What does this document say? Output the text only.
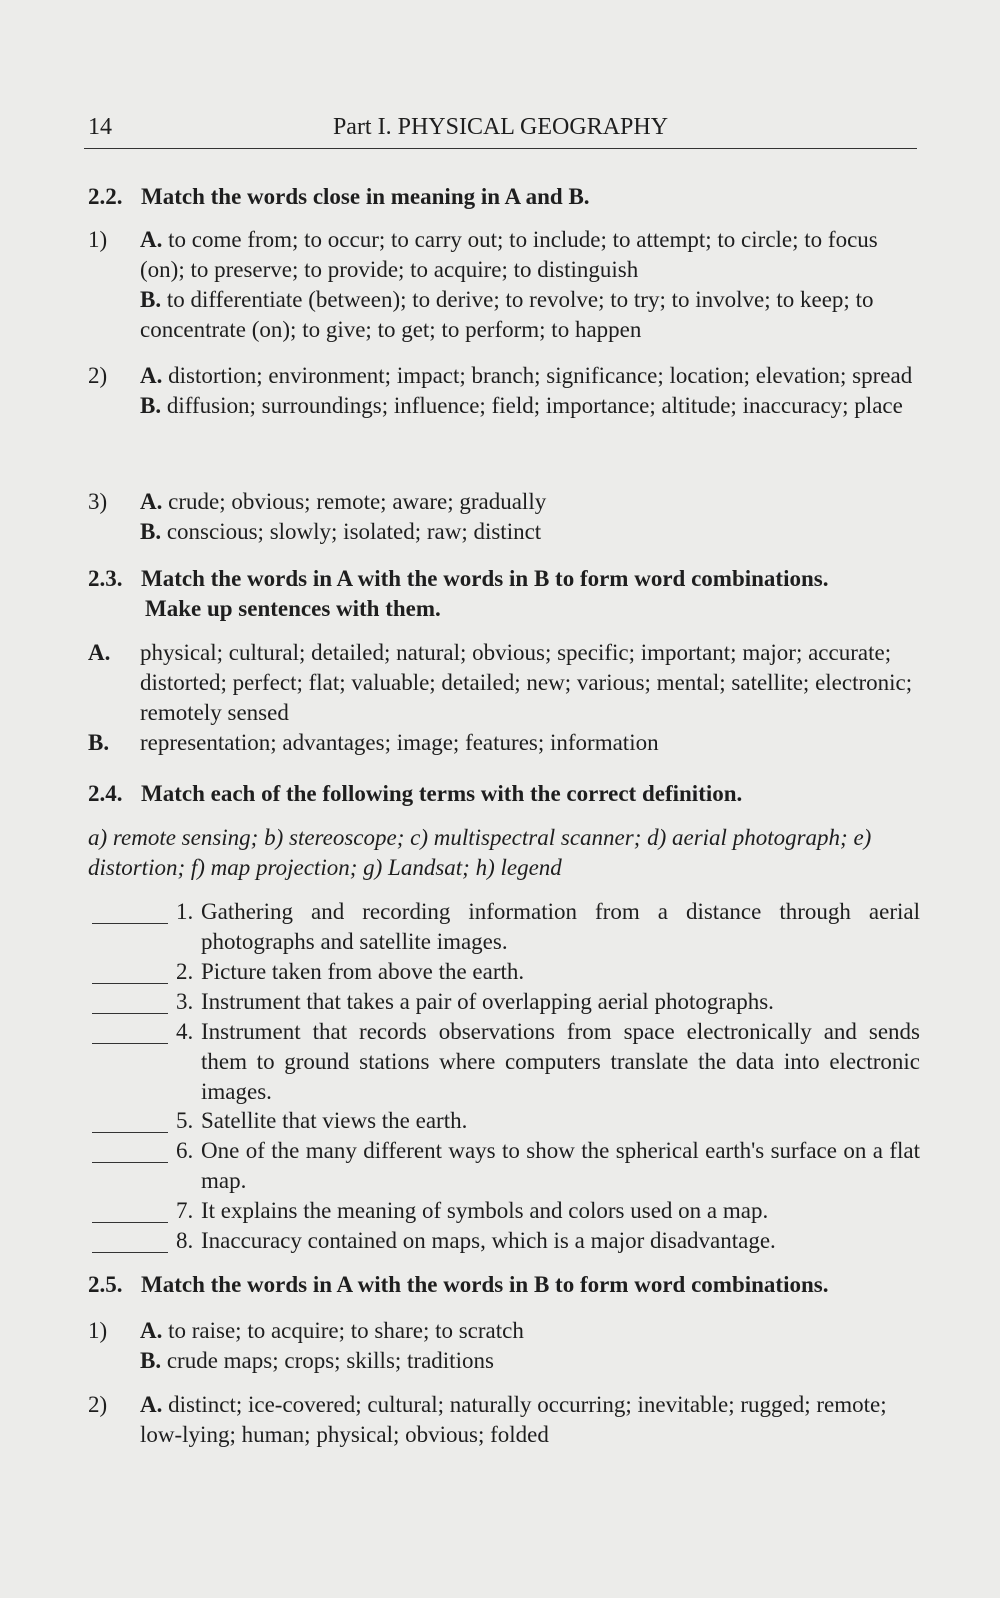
14	Part I. PHYSICAL GEOGRAPHY
2.2. Match the words close in meaning in A and B.
1) A. to come from; to occur; to carry out; to include; to attempt; to circle; to focus (on); to preserve; to provide; to acquire; to distinguish
B. to differentiate (between); to derive; to revolve; to try; to involve; to keep; to concentrate (on); to give; to get; to perform; to happen
2) A. distortion; environment; impact; branch; significance; location; elevation; spread
B. diffusion; surroundings; influence; field; importance; altitude; inaccuracy; place
3) A. crude; obvious; remote; aware; gradually
B. conscious; slowly; isolated; raw; distinct
2.3. Match the words in A with the words in B to form word combinations.
Make up sentences with them.
A. physical; cultural; detailed; natural; obvious; specific; important; major; accurate; distorted; perfect; flat; valuable; detailed; new; various; mental; satellite; electronic; remotely sensed
B. representation; advantages; image; features; information
2.4. Match each of the following terms with the correct definition.
a) remote sensing; b) stereoscope; c) multispectral scanner; d) aerial photograph; e) distortion; f) map projection; g) Landsat; h) legend
1. Gathering and recording information from a distance through aerial photographs and satellite images.
2. Picture taken from above the earth.
3. Instrument that takes a pair of overlapping aerial photographs.
4. Instrument that records observations from space electronically and sends them to ground stations where computers translate the data into electronic images.
5. Satellite that views the earth.
6. One of the many different ways to show the spherical earth's surface on a flat map.
7. It explains the meaning of symbols and colors used on a map.
8. Inaccuracy contained on maps, which is a major disadvantage.
2.5. Match the words in A with the words in B to form word combinations.
1) A. to raise; to acquire; to share; to scratch
B. crude maps; crops; skills; traditions
2) A. distinct; ice-covered; cultural; naturally occurring; inevitable; rugged; remote; low-lying; human; physical; obvious; folded
